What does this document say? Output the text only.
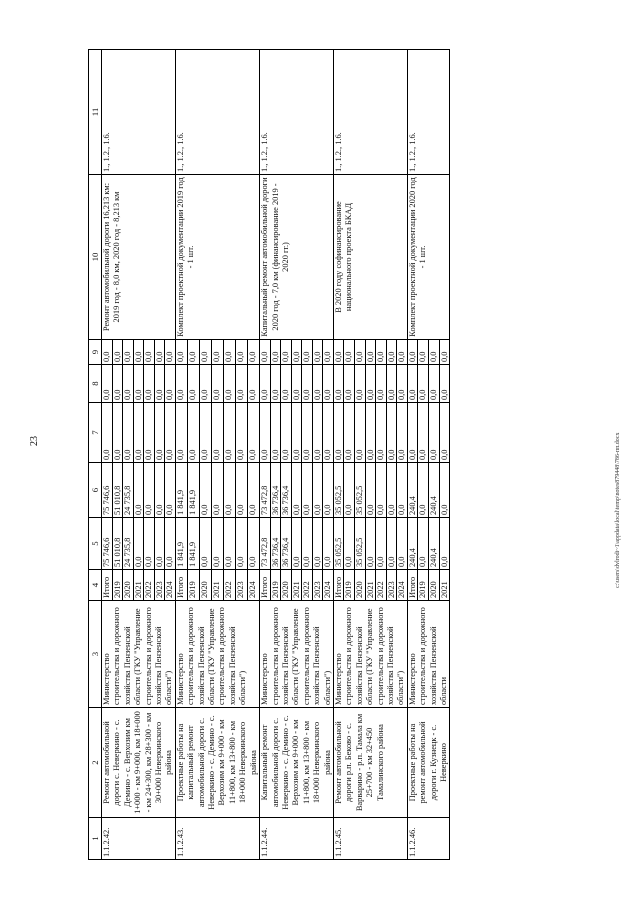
23
1	2	3	4	5	6	7	8	9	10	11
1.1.2.42.	Ремонт автомобильной дороги с. Неверкино - с. Демино - с. Верхозим км 1+000 - км 9+000, км 18+000 - км 24+300, км 28+300 - км 30+000 Неверкинского района	Министерство строительства и дорожного хозяйства Пензенской области (ГКУ "Управление строительства и дорожного хозяйства Пензенской области")	Итого	75 746,6	75 746,6	0,0	0,0	0,0	Ремонт автомобильной дороги 16,213 км: 2019 год - 8,0 км, 2020 год - 8,213 км	1., 1.2., 1.6.
			2019	51 010,8	51 010,8	0,0	0,0	0,0		
			2020	24 735,8	24 735,8	0,0	0,0	0,0		
			2021	0,0	0,0	0,0	0,0	0,0		
			2022	0,0	0,0	0,0	0,0	0,0		
			2023	0,0	0,0	0,0	0,0	0,0		
			2024	0,0	0,0	0,0	0,0	0,0		
1.1.2.43.	Проектные работы на капитальный ремонт автомобильной дороги с. Неверкино - с. Демино - с. Верхозим км 9+000 - км 11+800, км 13+800 - км 18+000 Неверкинского района	Министерство строительства и дорожного хозяйства Пензенской области (ГКУ "Управление строительства и дорожного хозяйства Пензенской области")	Итого	1 841,9	1 841,9	0,0	0,0	0,0	Комплект проектной документации 2019 год - 1 шт.	1., 1.2., 1.6.
			2019	1 841,9	1 841,9	0,0	0,0	0,0		
			2020	0,0	0,0	0,0	0,0	0,0		
			2021	0,0	0,0	0,0	0,0	0,0		
			2022	0,0	0,0	0,0	0,0	0,0		
			2023	0,0	0,0	0,0	0,0	0,0		
			2024	0,0	0,0	0,0	0,0	0,0		
1.1.2.44.	Капитальный ремонт автомобильной дороги с. Неверкино - с. Демино - с. Верхозим км 9+000 - км 11+800, км 13+800 - км 18+000 Неверкинского района	Министерство строительства и дорожного хозяйства Пензенской области (ГКУ "Управление строительства и дорожного хозяйства Пензенской области")	Итого	73 472,8	73 472,8	0,0	0,0	0,0	Капитальный ремонт автомобильной дороги 2020 год - 7,0 км (финансирование 2019 - 2020 гг.)	1., 1.2., 1.6.
			2019	36 736,4	36 736,4	0,0	0,0	0,0		
			2020	36 736,4	36 736,4	0,0	0,0	0,0		
			2021	0,0	0,0	0,0	0,0	0,0		
			2022	0,0	0,0	0,0	0,0	0,0		
			2023	0,0	0,0	0,0	0,0	0,0		
			2024	0,0	0,0	0,0	0,0	0,0		
1.1.2.45.	Ремонт автомобильной дороги р.п. Беково - с. Варварино - р.п. Тамала км 25+700 - км 32+450 Тамалинского района	Министерство строительства и дорожного хозяйства Пензенской области (ГКУ "Управление строительства и дорожного хозяйства Пензенской области")	Итого	35 052,5	35 052,5	0,0	0,0	0,0	В 2020 году софинансирование национального проекта БКАД	1., 1.2., 1.6.
			2019	0,0	0,0	0,0	0,0	0,0		
			2020	35 052,5	35 052,5	0,0	0,0	0,0		
			2021	0,0	0,0	0,0	0,0	0,0		
			2022	0,0	0,0	0,0	0,0	0,0		
			2023	0,0	0,0	0,0	0,0	0,0		
			2024	0,0	0,0	0,0	0,0	0,0		
1.1.2.46.	Проектные работы на ремонт автомобильной дороги г. Кузнецк - с. Неверкино	Министерство строительства и дорожного хозяйства Пензенской области	Итого	240,4	240,4	0,0	0,0	0,0	Комплект проектной документации 2020 год - 1 шт.	1., 1.2., 1.6.
			2019	0,0	0,0	0,0	0,0	0,0		
			2020	240,4	240,4	0,0	0,0	0,0		
			2021	0,0	0,0	0,0	0,0	0,0		
c:\users\dvlrodi~1\appdata\local\temp\notes879448\786-пп.docx
